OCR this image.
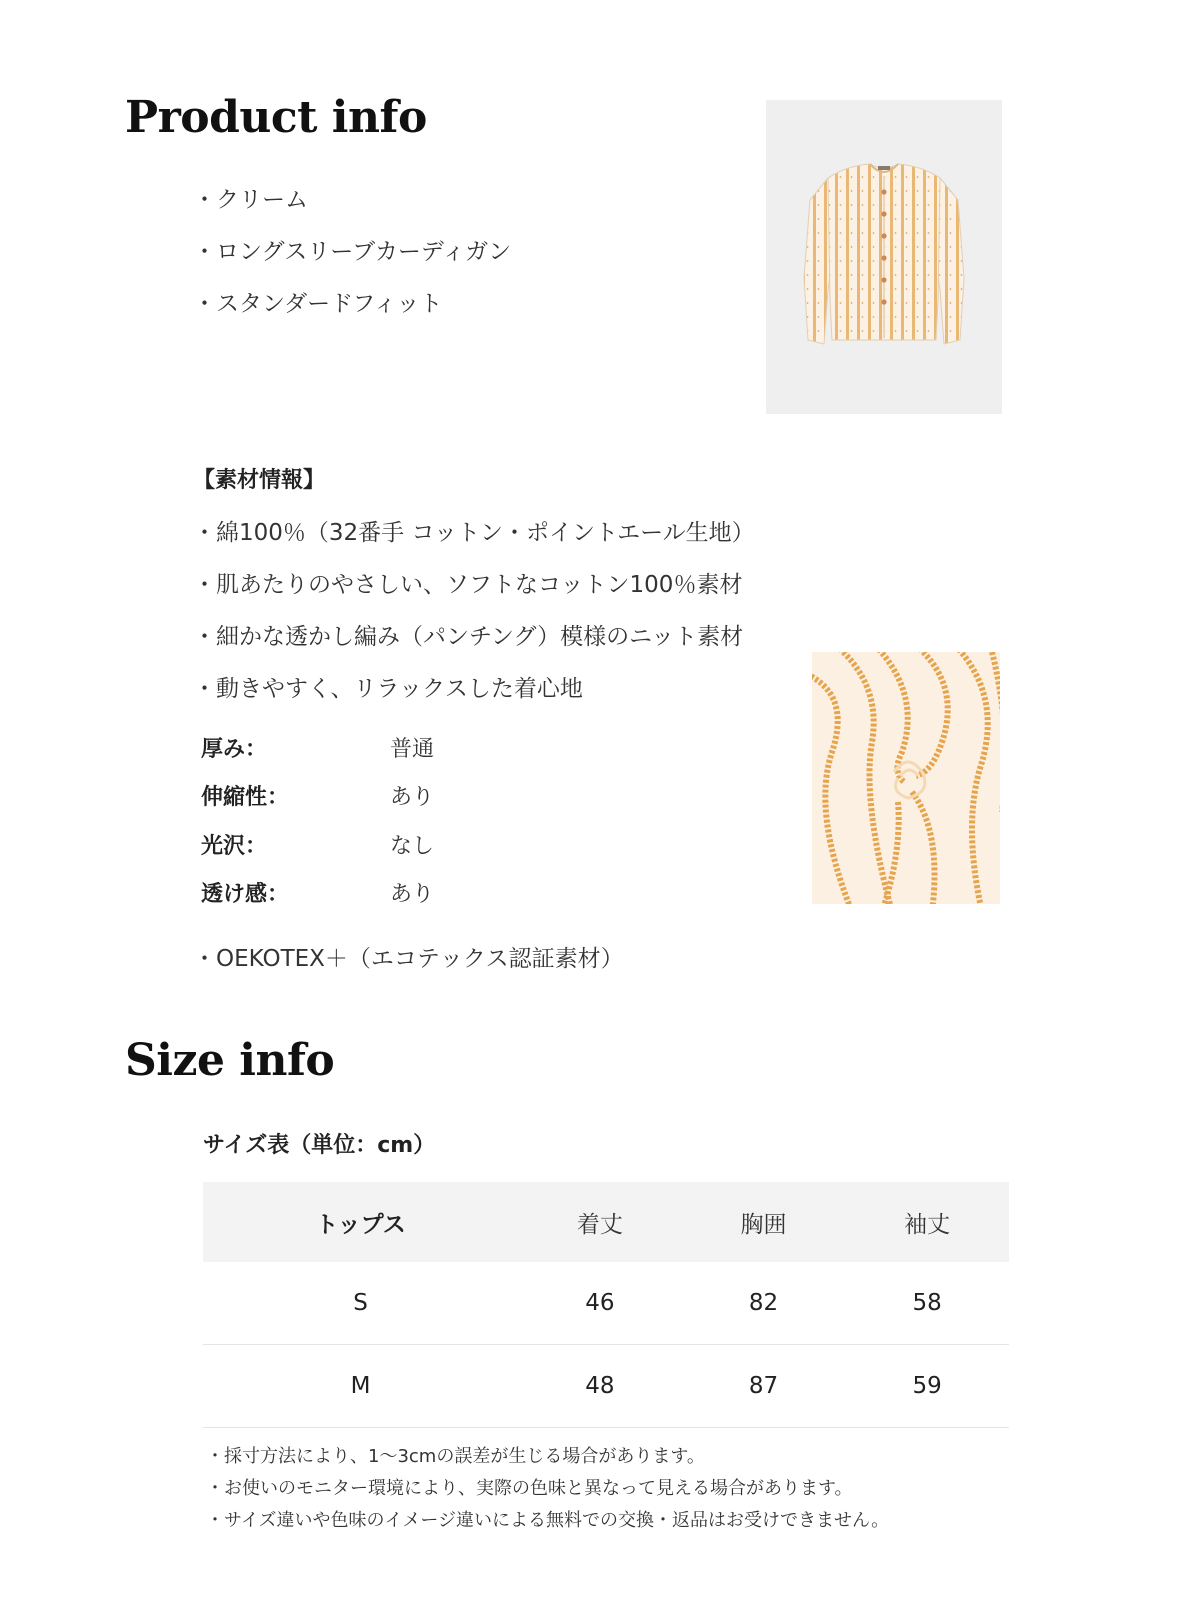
Product info
・クリーム
・ロングスリーブカーディガン
・スタンダードフィット
【素材情報】
・綿100％（32番手 コットン・ポイントエール生地）
・肌あたりのやさしい、ソフトなコットン100％素材
・細かな透かし編み（パンチング）模様のニット素材
・動きやすく、リラックスした着心地
厚み：	普通
伸縮性：	あり
光沢：	なし
透け感：	あり
・OEKOTEX＋（エコテックス認証素材）
Size info
サイズ表（単位：cm）
トップス	着丈	胸囲	袖丈
S	46	82	58
M	48	87	59
・採寸方法により、1〜3cmの誤差が生じる場合があります。
・お使いのモニター環境により、実際の色味と異なって見える場合があります。
・サイズ違いや色味のイメージ違いによる無料での交換・返品はお受けできません。
